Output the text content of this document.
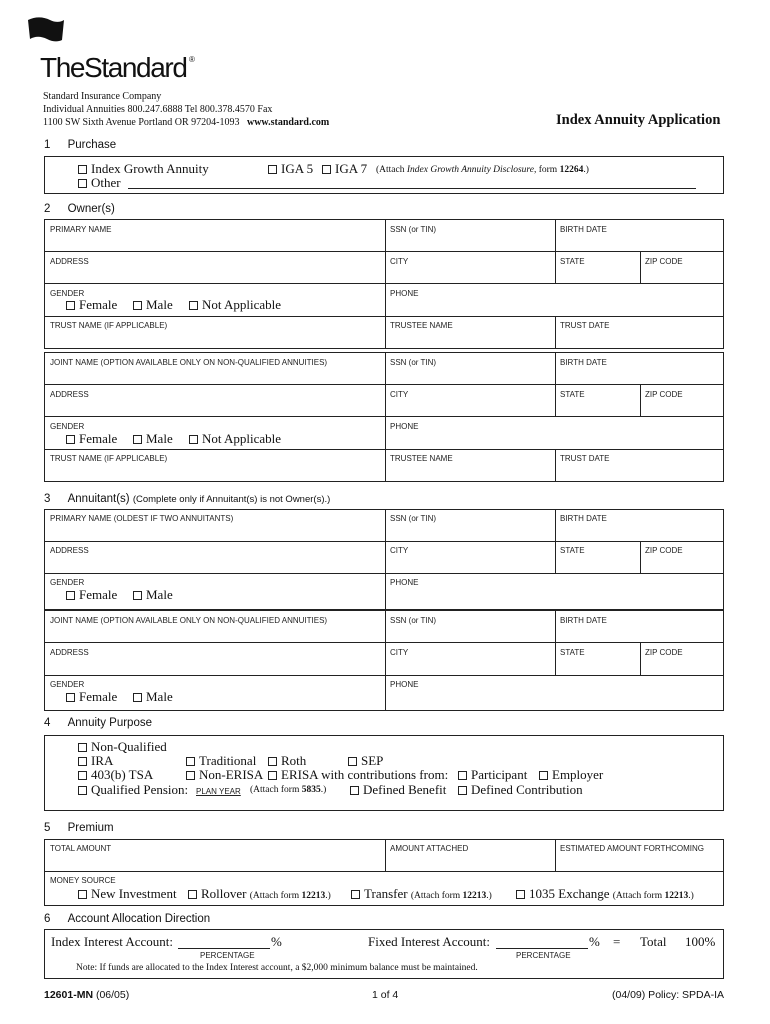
TheStandard ®
Standard Insurance Company
Individual Annuities 800.247.6888 Tel 800.378.4570 Fax
1100 SW Sixth Avenue Portland OR 97204-1093 www.standard.com	Index Annuity Application
1 Purchase
Index Growth Annuity	IGA 5	IGA 7 (Attach Index Growth Annuity Disclosure, form 12264.)
Other
2 Owner(s)
PRIMARY NAME	SSN (or TIN)	BIRTH DATE
ADDRESS	CITY	STATE	ZIP CODE
GENDER	PHONE
Female	Male	Not Applicable
TRUST NAME (IF APPLICABLE)	TRUSTEE NAME	TRUST DATE
JOINT NAME (OPTION AVAILABLE ONLY ON NON-QUALIFIED ANNUITIES)	SSN (or TIN)	BIRTH DATE
ADDRESS	CITY	STATE	ZIP CODE
GENDER	PHONE
Female	Male	Not Applicable
TRUST NAME (IF APPLICABLE)	TRUSTEE NAME	TRUST DATE
3 Annuitant(s) (Complete only if Annuitant(s) is not Owner(s).)
PRIMARY NAME (OLDEST IF TWO ANNUITANTS)	SSN (or TIN)	BIRTH DATE
ADDRESS	CITY	STATE	ZIP CODE
GENDER	PHONE
Female	Male
JOINT NAME (OPTION AVAILABLE ONLY ON NON-QUALIFIED ANNUITIES)	SSN (or TIN)	BIRTH DATE
ADDRESS	CITY	STATE	ZIP CODE
GENDER	PHONE
Female	Male
4 Annuity Purpose
Non-Qualified
IRA	Traditional	Roth	SEP
403(b) TSA	Non-ERISA	ERISA with contributions from:	Participant	Employer
Qualified Pension: PLAN YEAR (Attach form 5835.)	Defined Benefit	Defined Contribution
5 Premium
TOTAL AMOUNT	AMOUNT ATTACHED	ESTIMATED AMOUNT FORTHCOMING
MONEY SOURCE
New Investment	Rollover (Attach form 12213.)	Transfer (Attach form 12213.)	1035 Exchange (Attach form 12213.)
6 Account Allocation Direction
Index Interest Account:	%
PERCENTAGE
Fixed Interest Account:	%
PERCENTAGE
= Total 100%
Note: If funds are allocated to the Index Interest account, a $2,000 minimum balance must be maintained.
12601-MN (06/05)	1 of 4	(04/09) Policy: SPDA-IA
